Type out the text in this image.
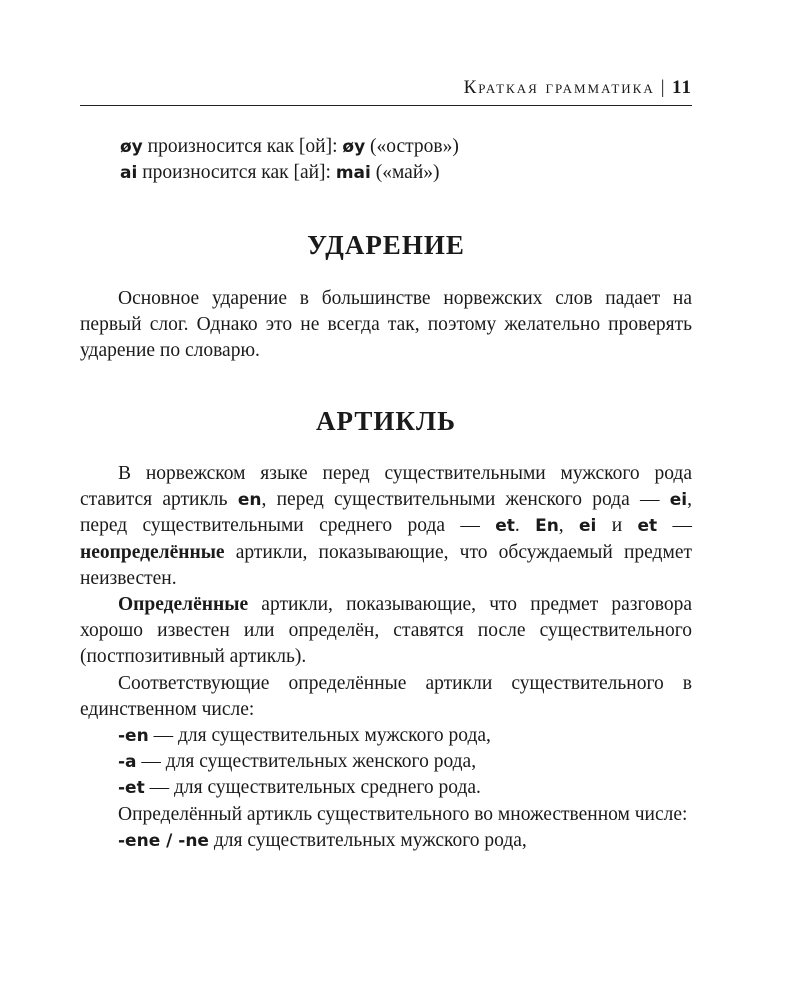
Краткая грамматика | 11
øy произносится как [ой]: øy («остров»)
ai произносится как [ай]: mai («май»)
УДАРЕНИЕ

Основное ударение в большинстве норвежских слов падает на первый слог. Однако это не всегда так, поэтому желательно проверять ударение по словарю.

АРТИКЛЬ

В норвежском языке перед существительными мужского рода ставится артикль en, перед существительными женского рода — ei, перед существительными среднего рода — et. En, ei и et — неопределённые артикли, показывающие, что обсуждаемый предмет неизвестен.

Определённые артикли, показывающие, что предмет разговора хорошо известен или определён, ставятся после существительного (постпозитивный артикль).

Соответствующие определённые артикли существительного в единственном числе:

-en — для существительных мужского рода,
-a — для существительных женского рода,
-et — для существительных среднего рода.

Определённый артикль существительного во множественном числе:

-ene / -ne для существительных мужского рода,
